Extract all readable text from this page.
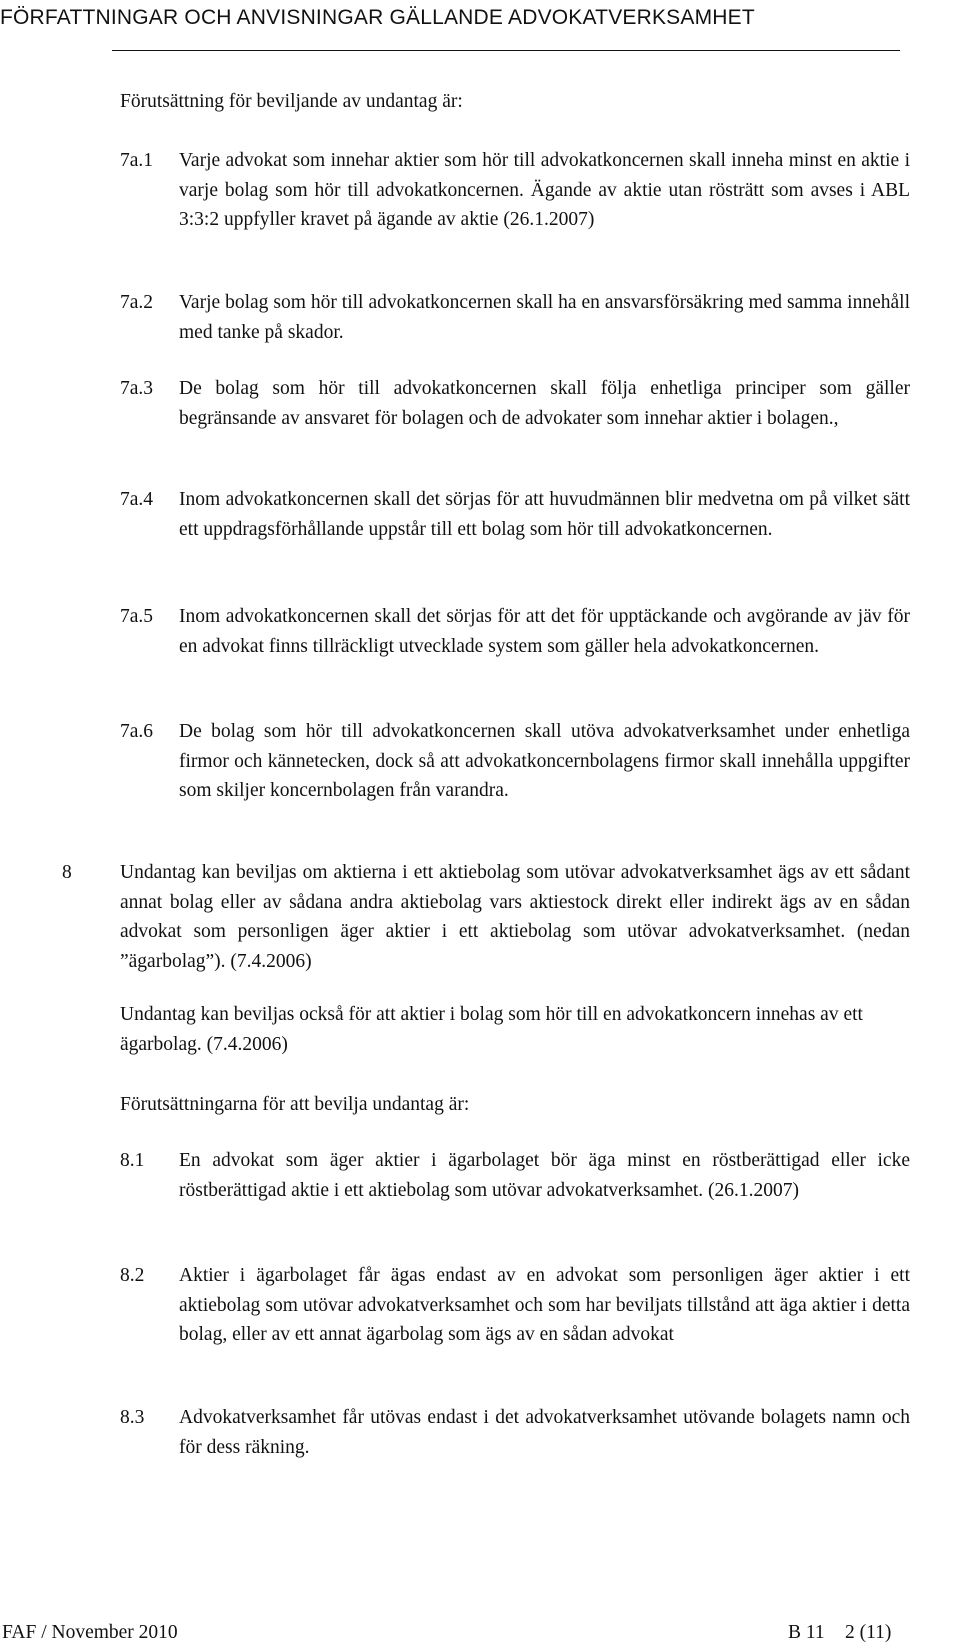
FÖRFATTNINGAR OCH ANVISNINGAR GÄLLANDE ADVOKATVERKSAMHET
Förutsättning för beviljande av undantag är:
7a.1 Varje advokat som innehar aktier som hör till advokatkoncernen skall inneha minst en aktie i varje bolag som hör till advokatkoncernen. Ägande av aktie utan rösträtt som avses i ABL 3:3:2 uppfyller kravet på ägande av aktie (26.1.2007)
7a.2 Varje bolag som hör till advokatkoncernen skall ha en ansvarsförsäkring med samma innehåll med tanke på skador.
7a.3 De bolag som hör till advokatkoncernen skall följa enhetliga principer som gäller begränsande av ansvaret för bolagen och de advokater som innehar aktier i bolagen.,
7a.4 Inom advokatkoncernen skall det sörjas för att huvudmännen blir medvetna om på vilket sätt ett uppdragsförhållande uppstår till ett bolag som hör till advokatkoncernen.
7a.5 Inom advokatkoncernen skall det sörjas för att det för upptäckande och avgörande av jäv för en advokat finns tillräckligt utvecklade system som gäller hela advokatkoncernen.
7a.6 De bolag som hör till advokatkoncernen skall utöva advokatverksamhet under enhetliga firmor och kännetecken, dock så att advokatkoncernbolagens firmor skall innehålla uppgifter som skiljer koncernbolagen från varandra.
8 Undantag kan beviljas om aktierna i ett aktiebolag som utövar advokatverksamhet ägs av ett sådant annat bolag eller av sådana andra aktiebolag vars aktiestock direkt eller indirekt ägs av en sådan advokat som personligen äger aktier i ett aktiebolag som utövar advokatverksamhet. (nedan ”ägarbolag”). (7.4.2006)
Undantag kan beviljas också för att aktier i bolag som hör till en advokatkoncern innehas av ett ägarbolag. (7.4.2006)
Förutsättningarna för att bevilja undantag är:
8.1 En advokat som äger aktier i ägarbolaget bör äga minst en röstberättigad eller icke röstberättigad aktie i ett aktiebolag som utövar advokatverksamhet. (26.1.2007)
8.2 Aktier i ägarbolaget får ägas endast av en advokat som personligen äger aktier i ett aktiebolag som utövar advokatverksamhet och som har beviljats tillstånd att äga aktier i detta bolag, eller av ett annat ägarbolag som ägs av en sådan advokat
8.3 Advokatverksamhet får utövas endast i det advokatverksamhet utövande bolagets namn och för dess räkning.
FAF / November 2010	B 11 2 (11)
